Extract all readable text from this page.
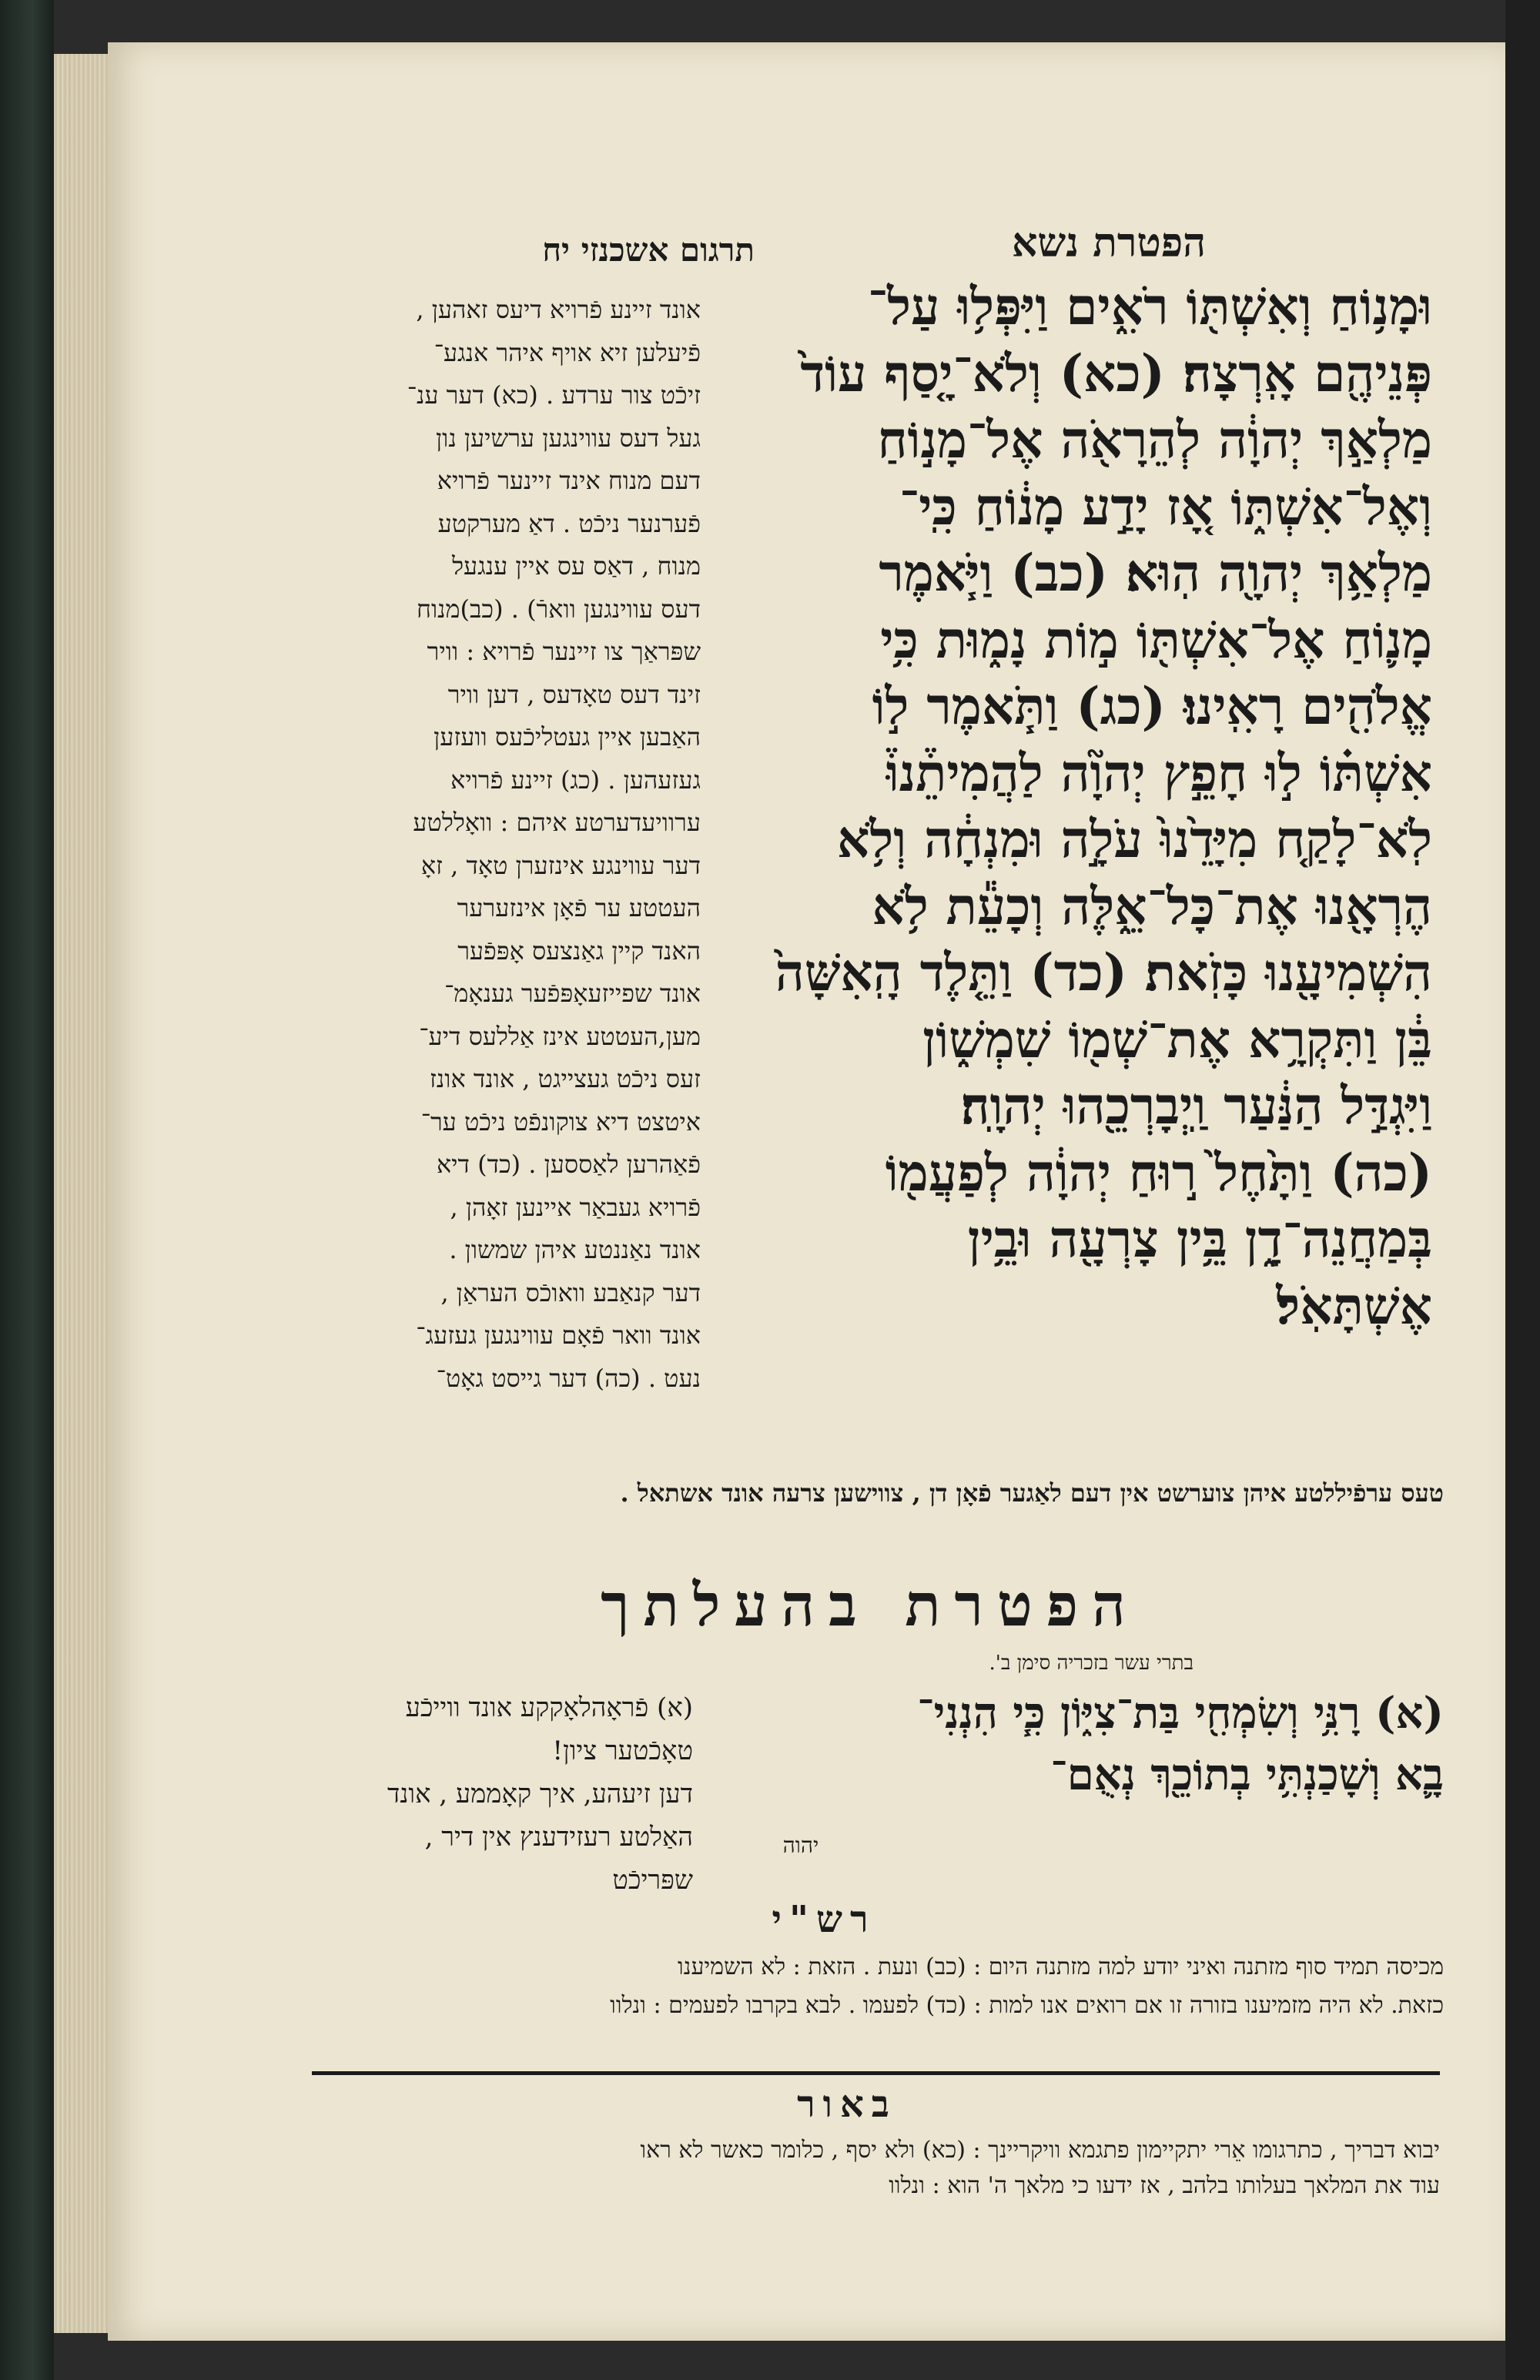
הפטרת נשא
תרגום אשכנזי יח
וּמָנ֥וֹחַ וְאִשְׁתּ֖וֹ רֹאִ֑ים וַיִּפְּל֥וּ עַל־
פְּנֵיהֶ֖ם אָֽרְצָה׃ (כא) וְלֹא־יָ֤סַף עוֹד֙
מַלְאַ֣ךְ יְהוָ֔ה לְהֵרָאֹ֖ה אֶל־מָנ֣וֹחַ
וְאֶל־אִשְׁתּ֑וֹ אָ֚ז יָדַ֣ע מָנ֔וֹחַ כִּֽי־
מַלְאַ֥ךְ יְהוָ֖ה הֽוּא׃ (כב) וַיֹּ֧אמֶר
מָנ֛וֹחַ אֶל־אִשְׁתּ֖וֹ מ֣וֹת נָמ֑וּת כִּ֥י
אֱלֹהִ֖ים רָאִֽינוּ׃ (כג) וַתֹּ֧אמֶר ל֣וֹ
אִשְׁתּ֗וֹ ל֣וּ חָפֵ֣ץ יְהוָ֘ה לַהֲמִיתֵ֒נוּ֒
לֹֽא־לָקַ֤ח מִיָּדֵ֙נוּ֙ עֹלָ֣ה וּמִנְחָ֔ה וְלֹ֥א
הֶרְאָ֖נוּ אֶת־כָּל־אֵ֑לֶּה וְכָעֵ֕ת לֹ֥א
הִשְׁמִיעָ֖נוּ כָּזֹֽאת׃ (כד) וַתֵּ֤לֶד הָֽאִשָּׁה֙
בֵּ֔ן וַתִּקְרָ֥א אֶת־שְׁמ֖וֹ שִׁמְשׁ֑וֹן
וַיִּגְדַּ֣ל הַנַּ֔עַר וַֽיְבָרְכֵ֖הוּ יְהוָֽה׃
(כה) וַתָּ֙חֶל֙ ר֣וּחַ יְהוָ֔ה לְפַעֲמ֖וֹ
בְּמַחֲנֵה־דָ֑ן בֵּ֥ין צָרְעָ֖ה וּבֵ֥ין
אֶשְׁתָּאֹֽל׃
אונד זיינע פֿרויא דיעס זאהען ,
פֿיעלען זיא אויף איהר אנגע־
זיכֿט צור ערדע . (כא) דער ענ־
געל דעס עווינגען ערשיען נון
דעם מנוח אינד זיינער פֿרויא
פֿערנער ניכֿט . דאַ מערקטע
מנוח , דאַס עס איין ענגעל
דעס עווינגען ווארֿ) . (כב)מנוח
שפּראַך צו זיינער פֿרויא : וויר
זינד דעס טאָדעס , דען וויר
האַבען איין געטליכֿעס וועזען
געזעהען . (כג) זיינע פֿרויא
ערוויעדערטע איהם : וואָללטע
דער עווינגע אינזערן טאָד , זאָ
העטטע ער פֿאָן אינזערער
האנד קיין גאַנצעס אָפּפֿער
אונד שפייזעאָפּפֿער גענאָמ־
מען,העטטע אינז אַללעס דיע־
זעס ניכֿט געצייגט , אונד אונז
איטצט דיא צוקונפֿט ניכֿט ער־
פֿאַהרען לאַססען . (כד) דיא
פֿרויא געבאַר איינען זאָהן ,
אונד נאַננטע איהן שמשון .
דער קנאַבע וואוכֿס העראַן ,
אונד וואר פֿאָם עווינגען געזעג־
נעט . (כה) דער גייסט גאָט־
טעס ערפֿיללטע איהן צוערשט אין דעם לאַגער פֿאָן דן , צווישען צרעה אונד אשתאל .
הפטרת בהעלתך
בתרי עשר בזכריה סימן ב'.
(א) רָנִּ֥י וְשִׂמְחִ֖י בַּת־צִיּ֑וֹן כִּ֧י הִנְנִי־
בָ֛א וְשָׁכַנְתִּ֥י בְתוֹכֵ֖ךְ נְאֻם־
יהוה
(א) פֿראָהלאָקקע אונד ווייכֿע
טאָכֿטער ציון!
דען זיעהע, איך קאָממע , אונד
האַלטע רעזידענץ אין דיר ,
שפּריכֿט
רש"י
מכיסה תמיד סוף מזתנה ואיני יודע למה מזתנה היום : (כב) ונעת . הזאת : לא השמיענו
כזאת. לא היה מזמיענו בזורה זו אם רואים אנו למות : (כד) לפעמו . לבא בקרבו לפעמים : ונלוו
באור
יבוא דבריך , כתרגומו אֵרי יתקיימון פתגמא וויקריינך : (כא) ולא יסף , כלומר כאשר לא ראו
עוד את המלאך בעלותו בלהב , אז ידעו כי מלאך ה' הוא : ונלוו
